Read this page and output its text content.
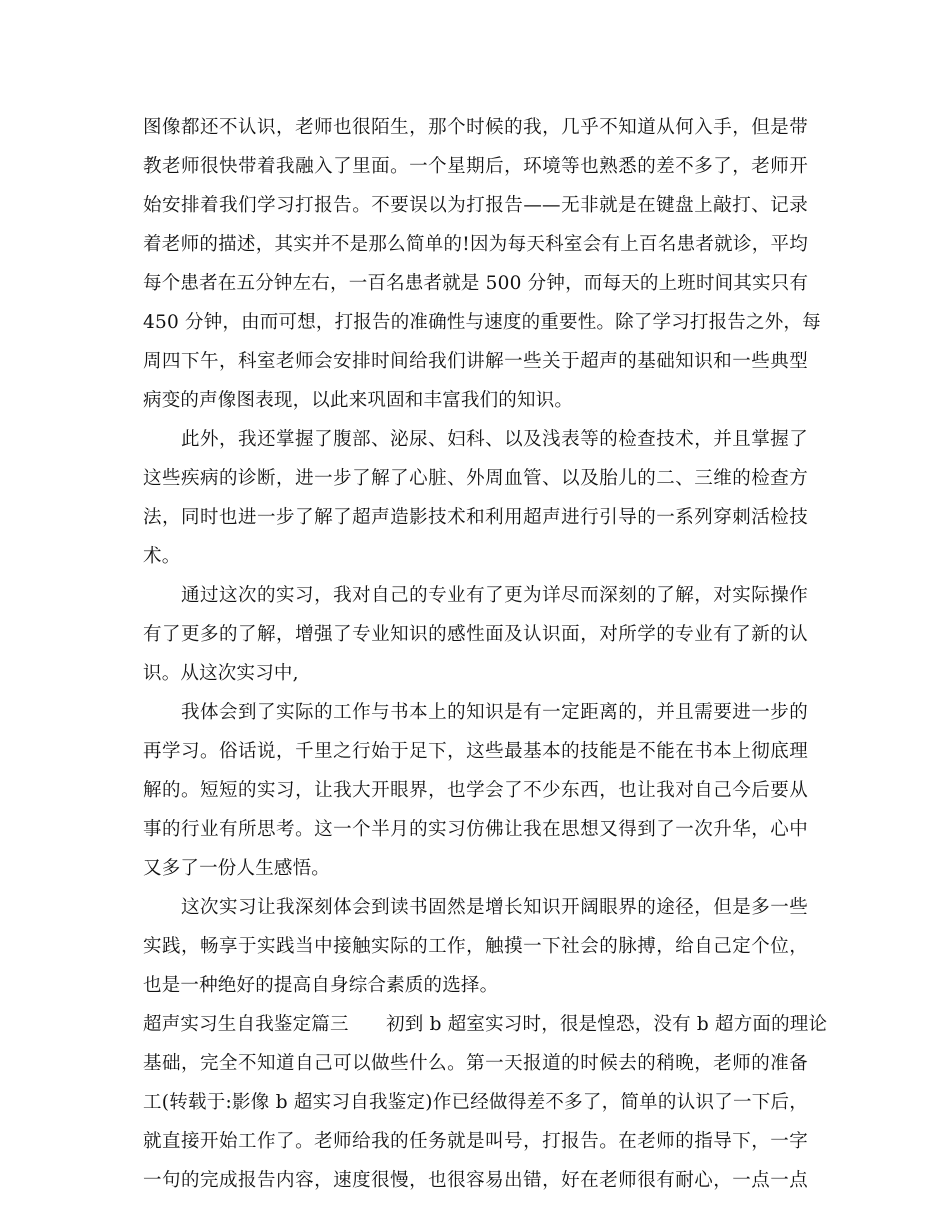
图像都还不认识，老师也很陌生，那个时候的我，几乎不知道从何入手，但是带
教老师很快带着我融入了里面。一个星期后，环境等也熟悉的差不多了，老师开
始安排着我们学习打报告。不要误以为打报告——无非就是在键盘上敲打、记录
着老师的描述，其实并不是那么简单的!因为每天科室会有上百名患者就诊，平均
每个患者在五分钟左右，一百名患者就是 500 分钟，而每天的上班时间其实只有
450 分钟，由而可想，打报告的准确性与速度的重要性。除了学习打报告之外，每
周四下午，科室老师会安排时间给我们讲解一些关于超声的基础知识和一些典型
病变的声像图表现，以此来巩固和丰富我们的知识。
此外，我还掌握了腹部、泌尿、妇科、以及浅表等的检查技术，并且掌握了
这些疾病的诊断，进一步了解了心脏、外周血管、以及胎儿的二、三维的检查方
法，同时也进一步了解了超声造影技术和利用超声进行引导的一系列穿刺活检技
术。
通过这次的实习，我对自己的专业有了更为详尽而深刻的了解，对实际操作
有了更多的了解，增强了专业知识的感性面及认识面，对所学的专业有了新的认
识。从这次实习中,
我体会到了实际的工作与书本上的知识是有一定距离的，并且需要进一步的
再学习。俗话说，千里之行始于足下，这些最基本的技能是不能在书本上彻底理
解的。短短的实习，让我大开眼界，也学会了不少东西，也让我对自己今后要从
事的行业有所思考。这一个半月的实习仿佛让我在思想又得到了一次升华，心中
又多了一份人生感悟。
这次实习让我深刻体会到读书固然是增长知识开阔眼界的途径，但是多一些
实践，畅享于实践当中接触实际的工作，触摸一下社会的脉搏，给自己定个位，
也是一种绝好的提高自身综合素质的选择。
超声实习生自我鉴定篇三　　初到 b 超室实习时，很是惶恐，没有 b 超方面的理论
基础，完全不知道自己可以做些什么。第一天报道的时候去的稍晚，老师的准备
工(转载于:影像 b 超实习自我鉴定)作已经做得差不多了，简单的认识了一下后，
就直接开始工作了。老师给我的任务就是叫号，打报告。在老师的指导下，一字
一句的完成报告内容，速度很慢，也很容易出错，好在老师很有耐心，一点一点
